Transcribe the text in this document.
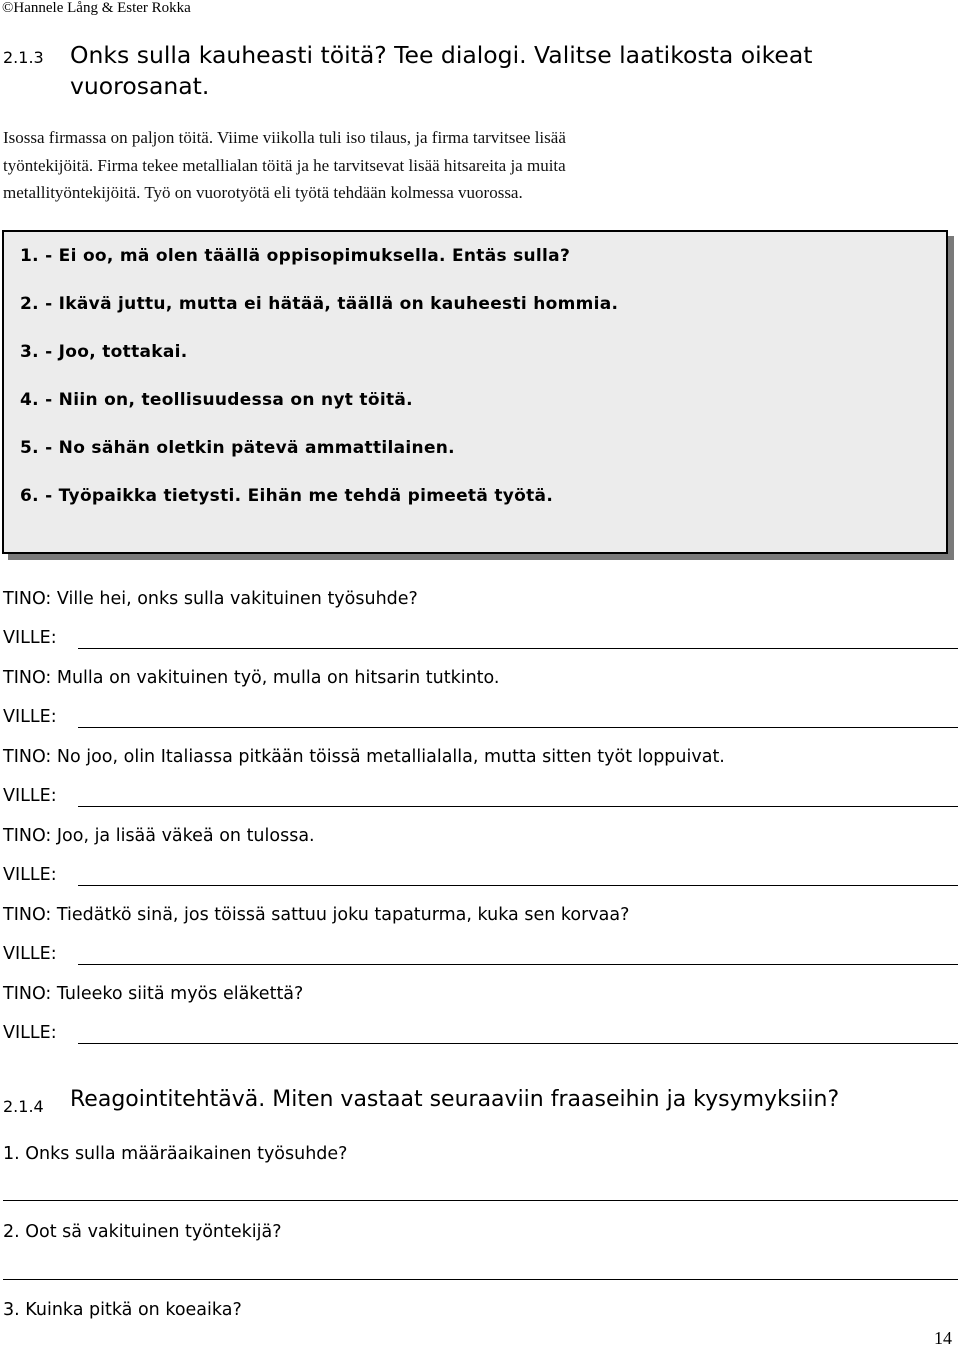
©Hannele Lång & Ester Rokka
2.1.3 Onks sulla kauheasti töitä? Tee dialogi. Valitse laatikosta oikeat vuorosanat.
Isossa firmassa on paljon töitä. Viime viikolla tuli iso tilaus, ja firma tarvitsee lisää
työntekijöitä. Firma tekee metallialan töitä ja he tarvitsevat lisää hitsareita ja muita
metallityöntekijöitä. Työ on vuorotyötä eli työtä tehdään kolmessa vuorossa.
1. - Ei oo, mä olen täällä oppisopimuksella. Entäs sulla?
2. - Ikävä juttu, mutta ei hätää, täällä on kauheesti hommia.
3. - Joo, tottakai.
4. - Niin on, teollisuudessa on nyt töitä.
5. - No sähän oletkin pätevä ammattilainen.
6. - Työpaikka tietysti. Eihän me tehdä pimeetä työtä.
TINO: Ville hei, onks sulla vakituinen työsuhde?
VILLE:
TINO: Mulla on vakituinen työ, mulla on hitsarin tutkinto.
VILLE:
TINO: No joo, olin Italiassa pitkään töissä metallialalla, mutta sitten työt loppuivat.
VILLE:
TINO: Joo, ja lisää väkeä on tulossa.
VILLE:
TINO: Tiedätkö sinä, jos töissä sattuu joku tapaturma, kuka sen korvaa?
VILLE:
TINO: Tuleeko siitä myös eläkettä?
VILLE:
2.1.4 Reagointitehtävä. Miten vastaat seuraaviin fraaseihin ja kysymyksiin?
1. Onks sulla määräaikainen työsuhde?
2. Oot sä vakituinen työntekijä?
3. Kuinka pitkä on koeaika?
14
